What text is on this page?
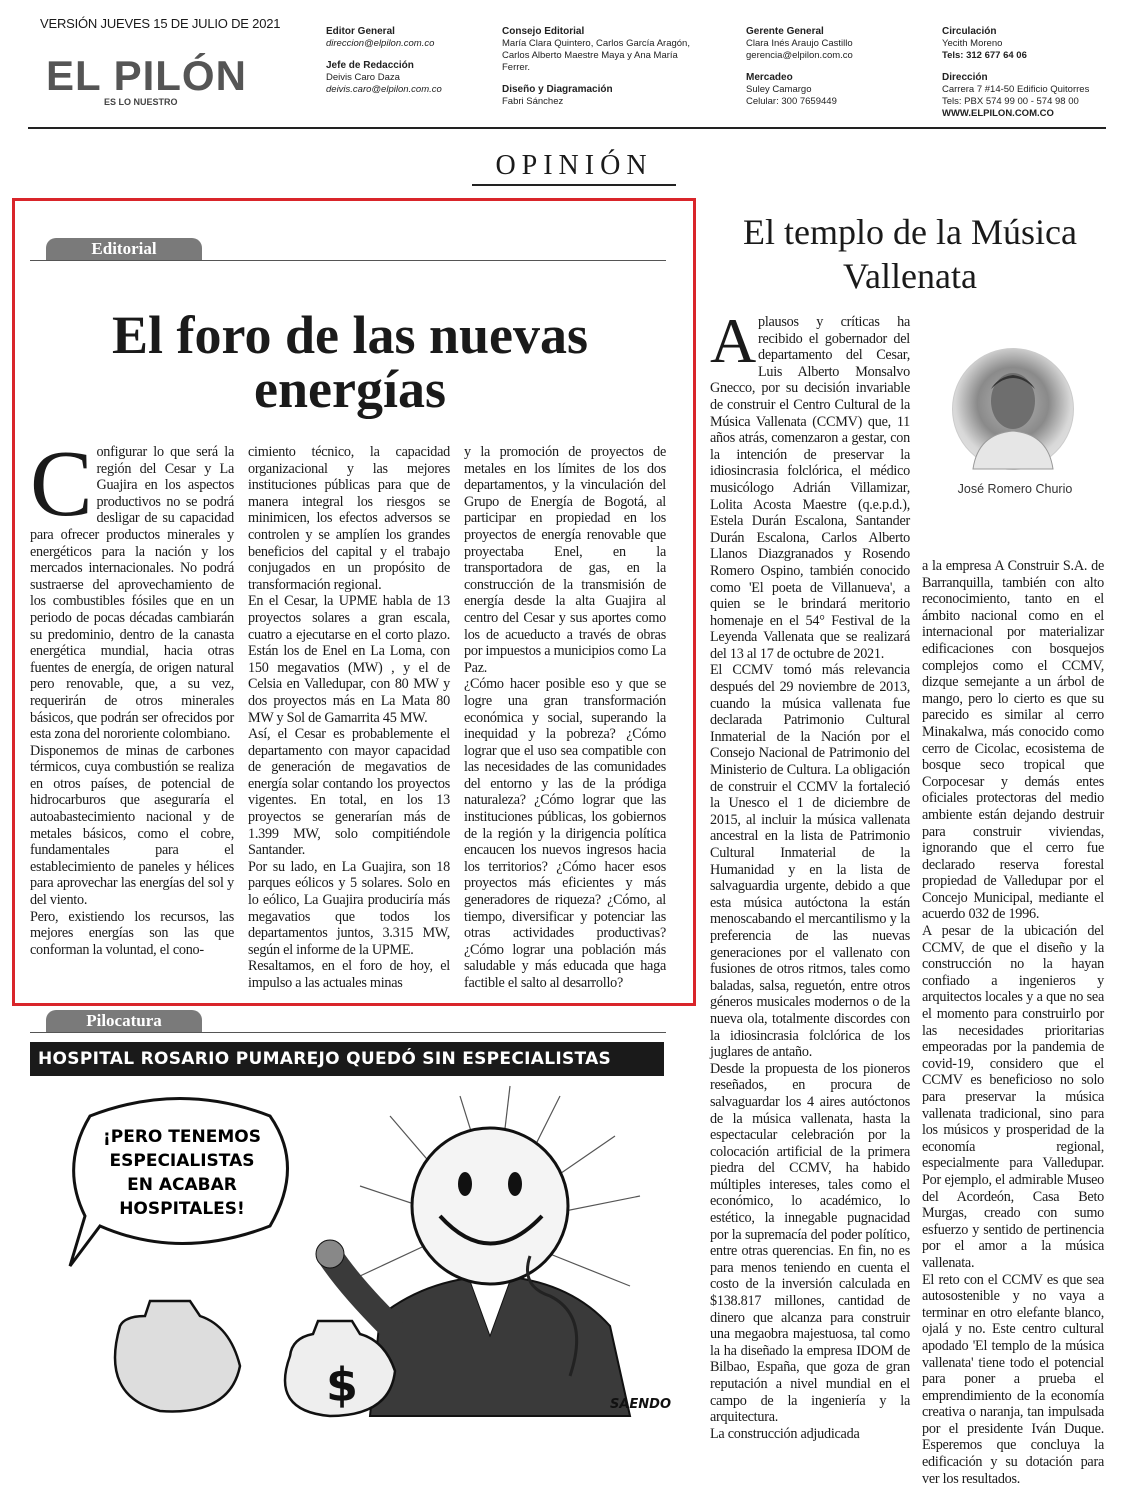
VERSIÓN JUEVES 15 DE JULIO DE 2021
EL PILÓN
ES LO NUESTRO
Editor General
direccion@elpilon.com.co
Jefe de Redacción
Deivis Caro Daza
deivis.caro@elpilon.com.co
Consejo Editorial
María Clara Quintero, Carlos García Aragón,
Carlos Alberto Maestre Maya y Ana María
Ferrer.
Diseño y Diagramación
Fabri Sánchez
Gerente General
Clara Inés Araujo Castillo
gerencia@elpilon.com.co
Mercadeo
Suley Camargo
Celular: 300 7659449
Circulación
Yecith Moreno
Tels: 312 677 64 06
Dirección
Carrera 7 #14-50 Edificio Quitorres
Tels: PBX 574 99 00 - 574 98 00
WWW.ELPILON.COM.CO
OPINIÓN
Editorial
El foro de las nuevas
energías
C onfigurar lo que será la región del Cesar y La Guajira en los aspectos productivos no se podrá desligar de su capacidad para ofrecer productos minerales y energéticos para la nación y los mercados internacionales. No podrá sustraerse del aprovechamiento de los combustibles fósiles que en un periodo de pocas décadas cambiarán su predominio, dentro de la canasta energética mundial, hacia otras fuentes de energía, de origen natural pero renovable, que, a su vez, requerirán de otros minerales básicos, que podrán ser ofrecidos por esta zona del nororiente colombiano.

Disponemos de minas de carbones térmicos, cuya combustión se realiza en otros países, de potencial de hidrocarburos que aseguraría el autoabastecimiento nacional y de metales básicos, como el cobre, fundamentales para el establecimiento de paneles y hélices para aprovechar las energías del sol y del viento.

Pero, existiendo los recursos, las mejores energías son las que conforman la voluntad, el cono-

cimiento técnico, la capacidad organizacional y las mejores instituciones públicas para que de manera integral los riesgos se minimicen, los efectos adversos se controlen y se amplíen los grandes beneficios del capital y el trabajo conjugados en un propósito de transformación regional.

En el Cesar, la UPME habla de 13 proyectos solares a gran escala, cuatro a ejecutarse en el corto plazo. Están los de Enel en La Loma, con 150 megavatios (MW) , y el de Celsia en Valledupar, con 80 MW y dos proyectos más en La Mata 80 MW y Sol de Gamarrita 45 MW.

Así, el Cesar es probablemente el departamento con mayor capacidad de generación de megavatios de energía solar contando los proyectos vigentes. En total, en los 13 proyectos se generarían más de 1.399 MW, solo compitiéndole Santander.

Por su lado, en La Guajira, son 18 parques eólicos y 5 solares. Solo en lo eólico, La Guajira produciría más megavatios que todos los departamentos juntos, 3.315 MW, según el informe de la UPME.

Resaltamos, en el foro de hoy, el impulso a las actuales minas

y la promoción de proyectos de metales en los límites de los dos departamentos, y la vinculación del Grupo de Energía de Bogotá, al participar en propiedad en los proyectos de energía renovable que proyectaba Enel, en la transportadora de gas, en la construcción de la transmisión de energía desde la alta Guajira al centro del Cesar y sus aportes como los de acueducto a través de obras por impuestos a municipios como La Paz.

¿Cómo hacer posible eso y que se logre una gran transformación económica y social, superando la inequidad y la pobreza? ¿Cómo lograr que el uso sea compatible con las necesidades de las comunidades del entorno y las de la pródiga naturaleza? ¿Cómo lograr que las instituciones públicas, los gobiernos de la región y la dirigencia política encaucen los nuevos ingresos hacia los territorios? ¿Cómo hacer esos proyectos más eficientes y más generadores de riqueza? ¿Cómo, al tiempo, diversificar y potenciar las otras actividades productivas? ¿Cómo lograr una población más saludable y más educada que haga factible el salto al desarrollo?

Pilocatura
HOSPITAL ROSARIO PUMAREJO QUEDÓ SIN ESPECIALISTAS
¡PERO TENEMOS
ESPECIALISTAS
EN ACABAR
HOSPITALES!
$	SAENDO
El templo de la Música
Vallenata
José Romero Churio
A plausos y críticas ha recibido el gobernador del departamento del Cesar, Luis Alberto Monsalvo Gnecco, por su decisión invariable de construir el Centro Cultural de la Música Vallenata (CCMV) que, 11 años atrás, comenzaron a gestar, con la intención de preservar la idiosincrasia folclórica, el médico musicólogo Adrián Villamizar, Lolita Acosta Maestre (q.e.p.d.), Estela Durán Escalona, Santander Durán Escalona, Carlos Alberto Llanos Diazgranados y Rosendo Romero Ospino, también conocido como 'El poeta de Villanueva', a quien se le brindará meritorio homenaje en el 54° Festival de la Leyenda Vallenata que se realizará del 13 al 17 de octubre de 2021.

El CCMV tomó más relevancia después del 29 noviembre de 2013, cuando la música vallenata fue declarada Patrimonio Cultural Inmaterial de la Nación por el Consejo Nacional de Patrimonio del Ministerio de Cultura. La obligación de construir el CCMV la fortaleció la Unesco el 1 de diciembre de 2015, al incluir la música vallenata ancestral en la lista de Patrimonio Cultural Inmaterial de la Humanidad y en la lista de salvaguardia urgente, debido a que esta música autóctona la están menoscabando el mercantilismo y la preferencia de las nuevas generaciones por el vallenato con fusiones de otros ritmos, tales como baladas, salsa, reguetón, entre otros géneros musicales modernos o de la nueva ola, totalmente discordes con la idiosincrasia folclórica de los juglares de antaño.

Desde la propuesta de los pioneros reseñados, en procura de salvaguardar los 4 aires autóctonos de la música vallenata, hasta la espectacular celebración por la colocación artificial de la primera piedra del CCMV, ha habido múltiples intereses, tales como el económico, lo académico, lo estético, la innegable pugnacidad por la supremacía del poder político, entre otras querencias. En fin, no es para menos teniendo en cuenta el costo de la inversión calculada en $138.817 millones, cantidad de dinero que alcanza para construir una megaobra majestuosa, tal como la ha diseñado la empresa IDOM de Bilbao, España, que goza de gran reputación a nivel mundial en el campo de la ingeniería y la arquitectura.

La construcción adjudicada

a la empresa A Construir S.A. de Barranquilla, también con alto reconocimiento, tanto en el ámbito nacional como en el internacional por materializar edificaciones con bosquejos complejos como el CCMV, dizque semejante a un árbol de mango, pero lo cierto es que su parecido es similar al cerro Minakalwa, más conocido como cerro de Cicolac, ecosistema de bosque seco tropical que Corpocesar y demás entes oficiales protectoras del medio ambiente están dejando destruir para construir viviendas, ignorando que el cerro fue declarado reserva forestal propiedad de Valledupar por el Concejo Municipal, mediante el acuerdo 032 de 1996.

A pesar de la ubicación del CCMV, de que el diseño y la construcción no la hayan confiado a ingenieros y arquitectos locales y a que no sea el momento para construirlo por las necesidades prioritarias empeoradas por la pandemia de covid-19, considero que el CCMV es beneficioso no solo para preservar la música vallenata tradicional, sino para los músicos y prosperidad de la economía regional, especialmente para Valledupar. Por ejemplo, el admirable Museo del Acordeón, Casa Beto Murgas, creado con sumo esfuerzo y sentido de pertinencia por el amor a la música vallenata.

El reto con el CCMV es que sea autosostenible y no vaya a terminar en otro elefante blanco, ojalá y no. Este centro cultural apodado 'El templo de la música vallenata' tiene todo el potencial para poner a prueba el emprendimiento de la economía creativa o naranja, tan impulsada por el presidente Iván Duque. Esperemos que concluya la edificación y su dotación para ver los resultados.
